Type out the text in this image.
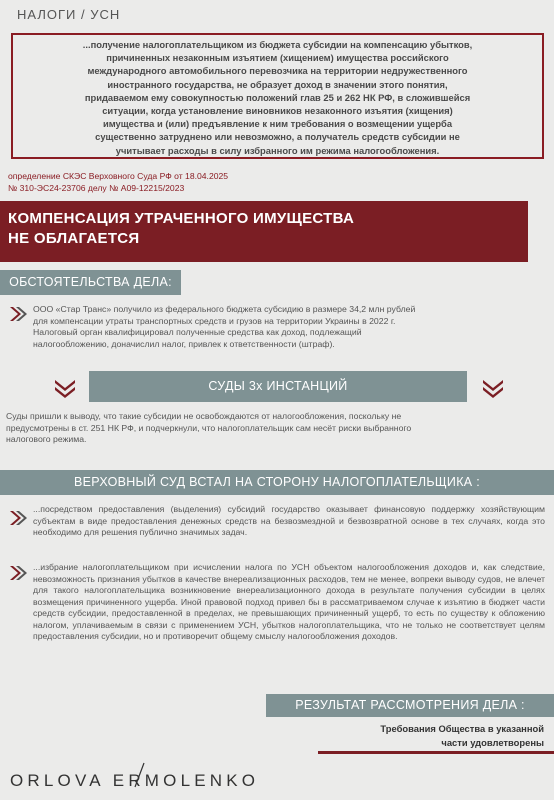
НАЛОГИ / УСН
...получение налогоплательщиком из бюджета субсидии на компенсацию убытков,
причиненных незаконным изъятием (хищением) имущества российского
международного автомобильного перевозчика на территории недружественного
иностранного государства, не образует доход в значении этого понятия,
придаваемом ему совокупностью положений глав 25 и 262 НК РФ, в сложившейся
ситуации, когда установление виновников незаконного изъятия (хищения)
имущества и (или) предъявление к ним требования о возмещении ущерба
существенно затруднено или невозможно, а получатель средств субсидии не
учитывает расходы в силу избранного им режима налогообложения.
определение СКЭС Верховного Суда РФ от 18.04.2025
№ 310-ЭС24-23706 делу № А09-12215/2023
КОМПЕНСАЦИЯ УТРАЧЕННОГО ИМУЩЕСТВА
НЕ ОБЛАГАЕТСЯ
ОБСТОЯТЕЛЬСТВА ДЕЛА:
ООО «Стар Транс» получило из федерального бюджета субсидию в размере 34,2 млн рублей
для компенсации утраты транспортных средств и грузов на территории Украины в 2022 г.
Налоговый орган квалифицировал полученные средства как доход, подлежащий
налогообложению, доначислил налог, привлек к ответственности (штраф).
СУДЫ 3х ИНСТАНЦИЙ
Суды пришли к выводу, что такие субсидии не освобождаются от налогообложения, поскольку не
предусмотрены в ст. 251 НК РФ, и подчеркнули, что налогоплательщик сам несёт риски выбранного
налогового режима.
ВЕРХОВНЫЙ СУД ВСТАЛ НА СТОРОНУ НАЛОГОПЛАТЕЛЬЩИКА :
...посредством предоставления (выделения) субсидий государство оказывает финансовую поддержку хозяйствующим субъектам в виде предоставления денежных средств на безвозмездной и безвозвратной основе в тех случаях, когда это необходимо для решения публично значимых задач.
...избрание налогоплательщиком при исчислении налога по УСН объектом налогообложения доходов и, как следствие, невозможность признания убытков в качестве внереализационных расходов, тем не менее, вопреки выводу судов, не влечет для такого налогоплательщика возникновение внереализационного дохода в результате получения субсидии в целях возмещения причиненного ущерба. Иной правовой подход привел бы в рассматриваемом случае к изъятию в бюджет части средств субсидии, предоставленной в пределах, не превышающих причиненный ущерб, то есть по существу к обложению налогом, уплачиваемым в связи с применением УСН, убытков налогоплательщика, что не только не соответствует целям предоставления субсидии, но и противоречит общему смыслу налогообложения доходов.
РЕЗУЛЬТАТ РАССМОТРЕНИЯ ДЕЛА :
Требования Общества в указанной
части удовлетворены
ORLOVA ERMOLENKO
